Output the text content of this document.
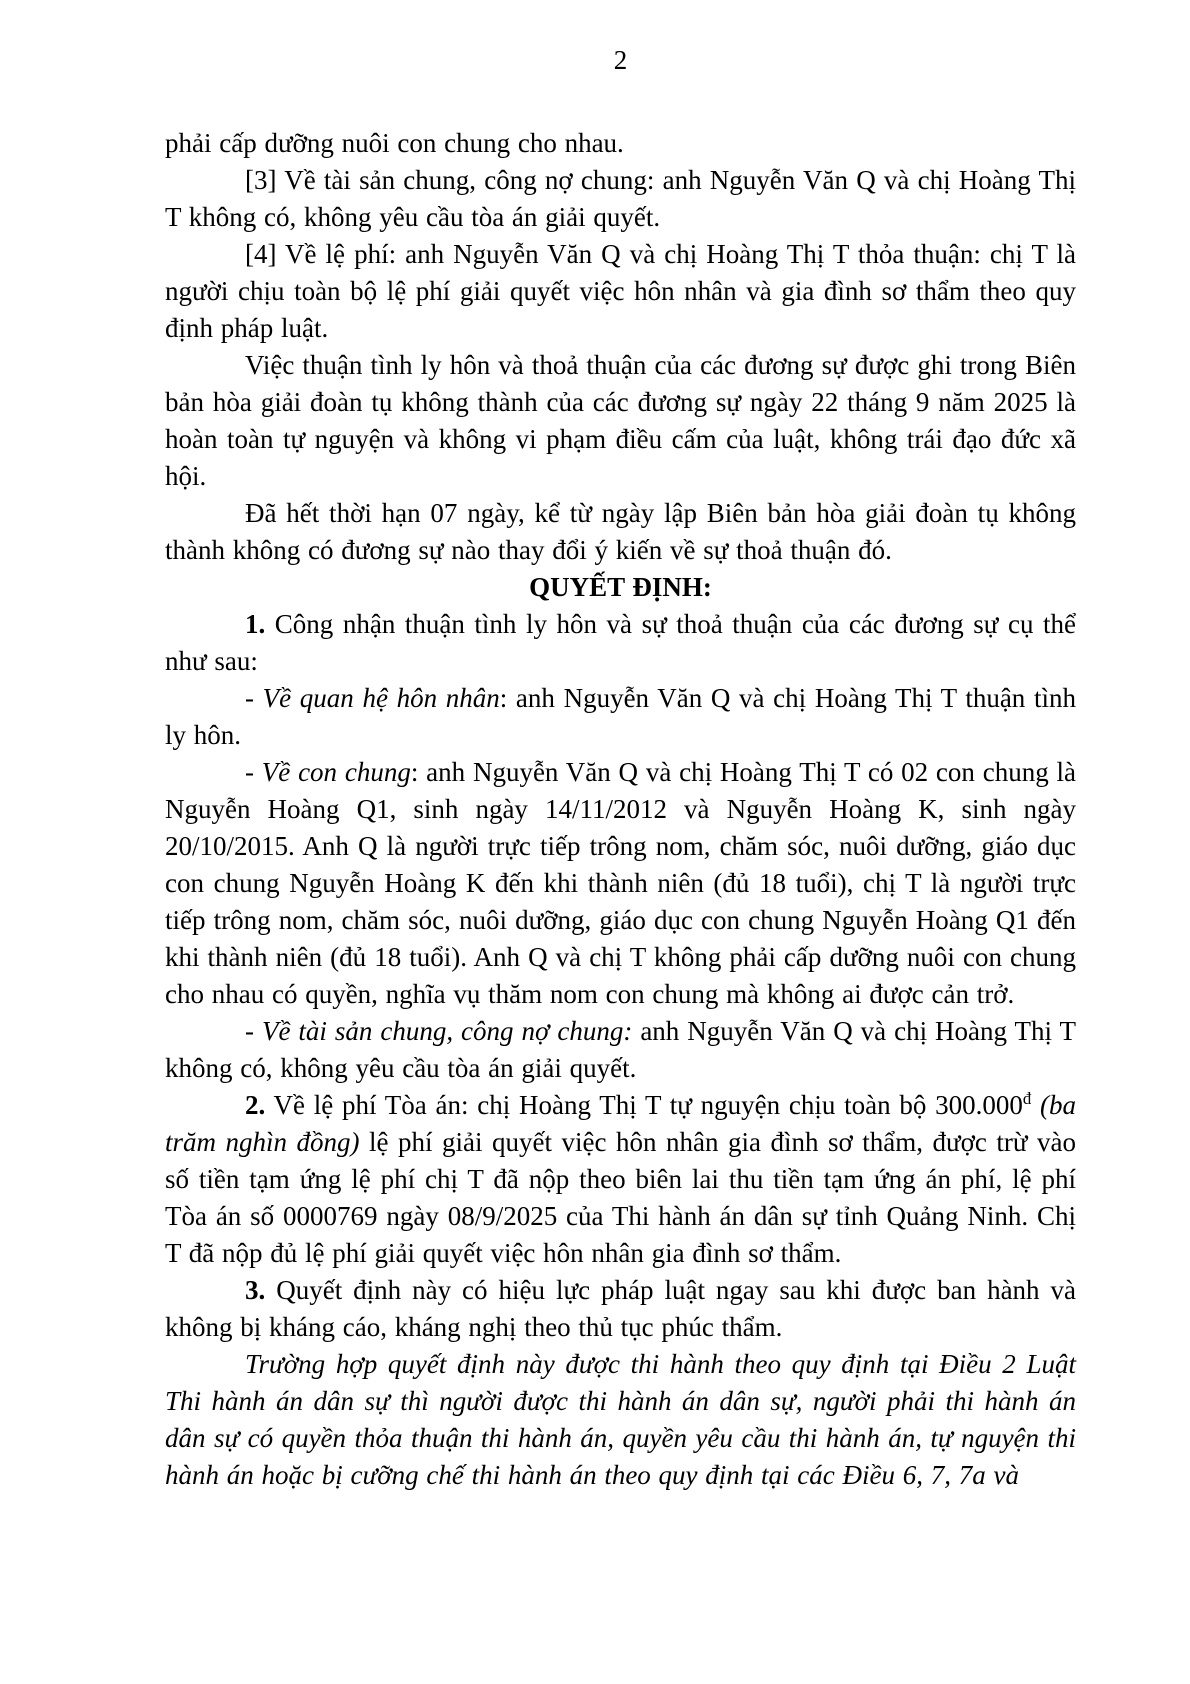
2

phải cấp dưỡng nuôi con chung cho nhau.

[3] Về tài sản chung, công nợ chung: anh Nguyễn Văn Q và chị Hoàng Thị T không có, không yêu cầu tòa án giải quyết.

[4] Về lệ phí: anh Nguyễn Văn Q và chị Hoàng Thị T thỏa thuận: chị T là người chịu toàn bộ lệ phí giải quyết việc hôn nhân và gia đình sơ thẩm theo quy định pháp luật.

Việc thuận tình ly hôn và thoả thuận của các đương sự được ghi trong Biên bản hòa giải đoàn tụ không thành của các đương sự ngày 22 tháng 9 năm 2025 là hoàn toàn tự nguyện và không vi phạm điều cấm của luật, không trái đạo đức xã hội.

Đã hết thời hạn 07 ngày, kể từ ngày lập Biên bản hòa giải đoàn tụ không thành không có đương sự nào thay đổi ý kiến về sự thoả thuận đó.

QUYẾT ĐỊNH:

1. Công nhận thuận tình ly hôn và sự thoả thuận của các đương sự cụ thể như sau:

- Về quan hệ hôn nhân: anh Nguyễn Văn Q và chị Hoàng Thị T thuận tình ly hôn.

- Về con chung: anh Nguyễn Văn Q và chị Hoàng Thị T có 02 con chung là Nguyễn Hoàng Q1, sinh ngày 14/11/2012 và Nguyễn Hoàng K, sinh ngày 20/10/2015. Anh Q là người trực tiếp trông nom, chăm sóc, nuôi dưỡng, giáo dục con chung Nguyễn Hoàng K đến khi thành niên (đủ 18 tuổi), chị T là người trực tiếp trông nom, chăm sóc, nuôi dưỡng, giáo dục con chung Nguyễn Hoàng Q1 đến khi thành niên (đủ 18 tuổi). Anh Q và chị T không phải cấp dưỡng nuôi con chung cho nhau có quyền, nghĩa vụ thăm nom con chung mà không ai được cản trở.

- Về tài sản chung, công nợ chung: anh Nguyễn Văn Q và chị Hoàng Thị T không có, không yêu cầu tòa án giải quyết.

2. Về lệ phí Tòa án: chị Hoàng Thị T tự nguyện chịu toàn bộ $300.000^đ$ (ba trăm nghìn đồng) lệ phí giải quyết việc hôn nhân gia đình sơ thẩm, được trừ vào số tiền tạm ứng lệ phí chị T đã nộp theo biên lai thu tiền tạm ứng án phí, lệ phí Tòa án số 0000769 ngày 08/9/2025 của Thi hành án dân sự tỉnh Quảng Ninh. Chị T đã nộp đủ lệ phí giải quyết việc hôn nhân gia đình sơ thẩm.

3. Quyết định này có hiệu lực pháp luật ngay sau khi được ban hành và không bị kháng cáo, kháng nghị theo thủ tục phúc thẩm.

Trường hợp quyết định này được thi hành theo quy định tại Điều 2 Luật Thi hành án dân sự thì người được thi hành án dân sự, người phải thi hành án dân sự có quyền thỏa thuận thi hành án, quyền yêu cầu thi hành án, tự nguyện thi hành án hoặc bị cưỡng chế thi hành án theo quy định tại các Điều 6, 7, 7a và
